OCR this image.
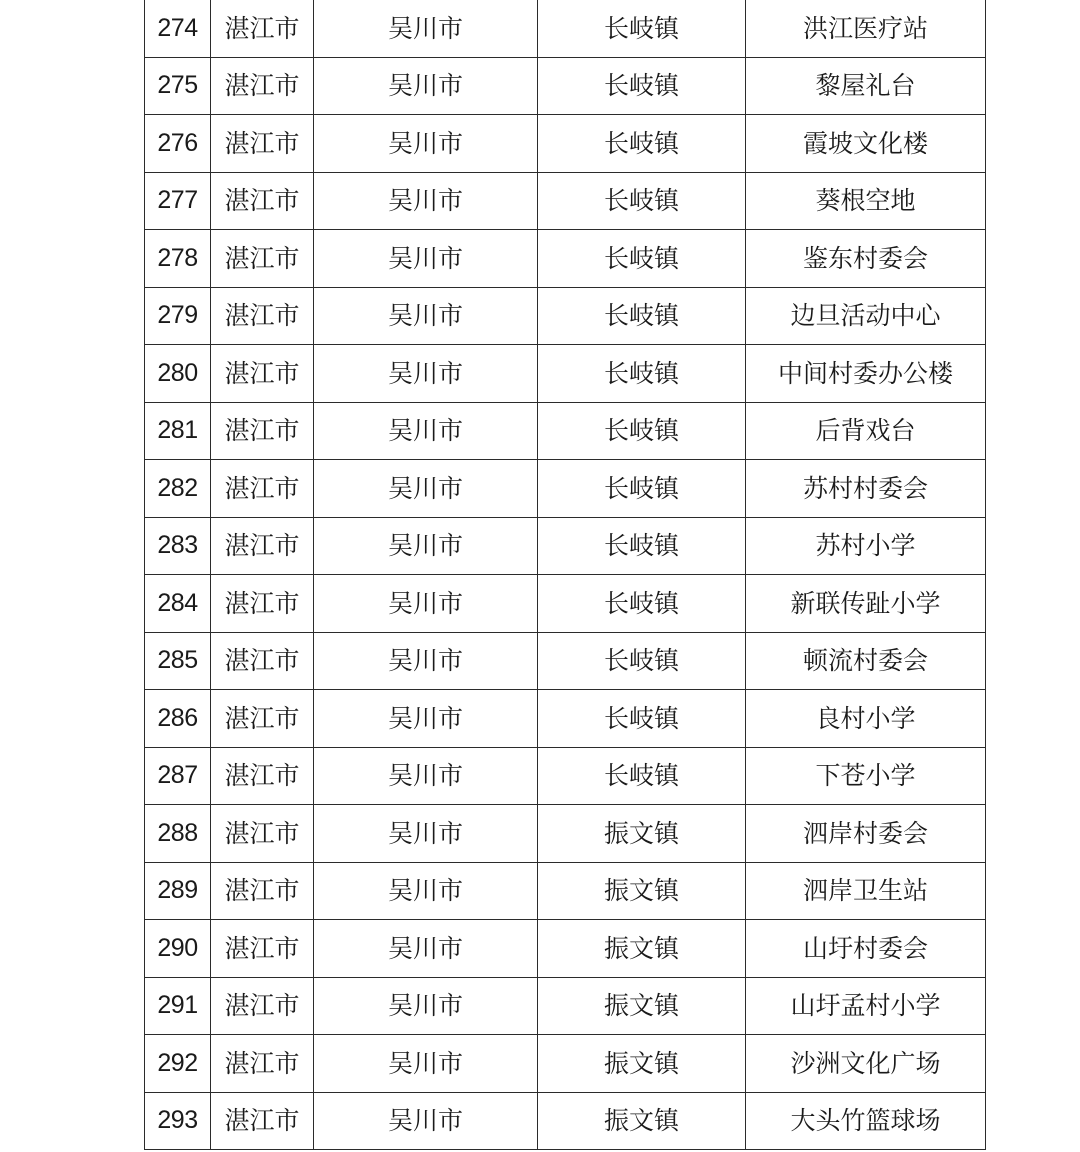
274	湛江市	吴川市	长岐镇	洪江医疗站
275	湛江市	吴川市	长岐镇	黎屋礼台
276	湛江市	吴川市	长岐镇	霞坡文化楼
277	湛江市	吴川市	长岐镇	葵根空地
278	湛江市	吴川市	长岐镇	鉴东村委会
279	湛江市	吴川市	长岐镇	边旦活动中心
280	湛江市	吴川市	长岐镇	中间村委办公楼
281	湛江市	吴川市	长岐镇	后背戏台
282	湛江市	吴川市	长岐镇	苏村村委会
283	湛江市	吴川市	长岐镇	苏村小学
284	湛江市	吴川市	长岐镇	新联传趾小学
285	湛江市	吴川市	长岐镇	顿流村委会
286	湛江市	吴川市	长岐镇	良村小学
287	湛江市	吴川市	长岐镇	下苍小学
288	湛江市	吴川市	振文镇	泗岸村委会
289	湛江市	吴川市	振文镇	泗岸卫生站
290	湛江市	吴川市	振文镇	山圩村委会
291	湛江市	吴川市	振文镇	山圩孟村小学
292	湛江市	吴川市	振文镇	沙洲文化广场
293	湛江市	吴川市	振文镇	大头竹篮球场
